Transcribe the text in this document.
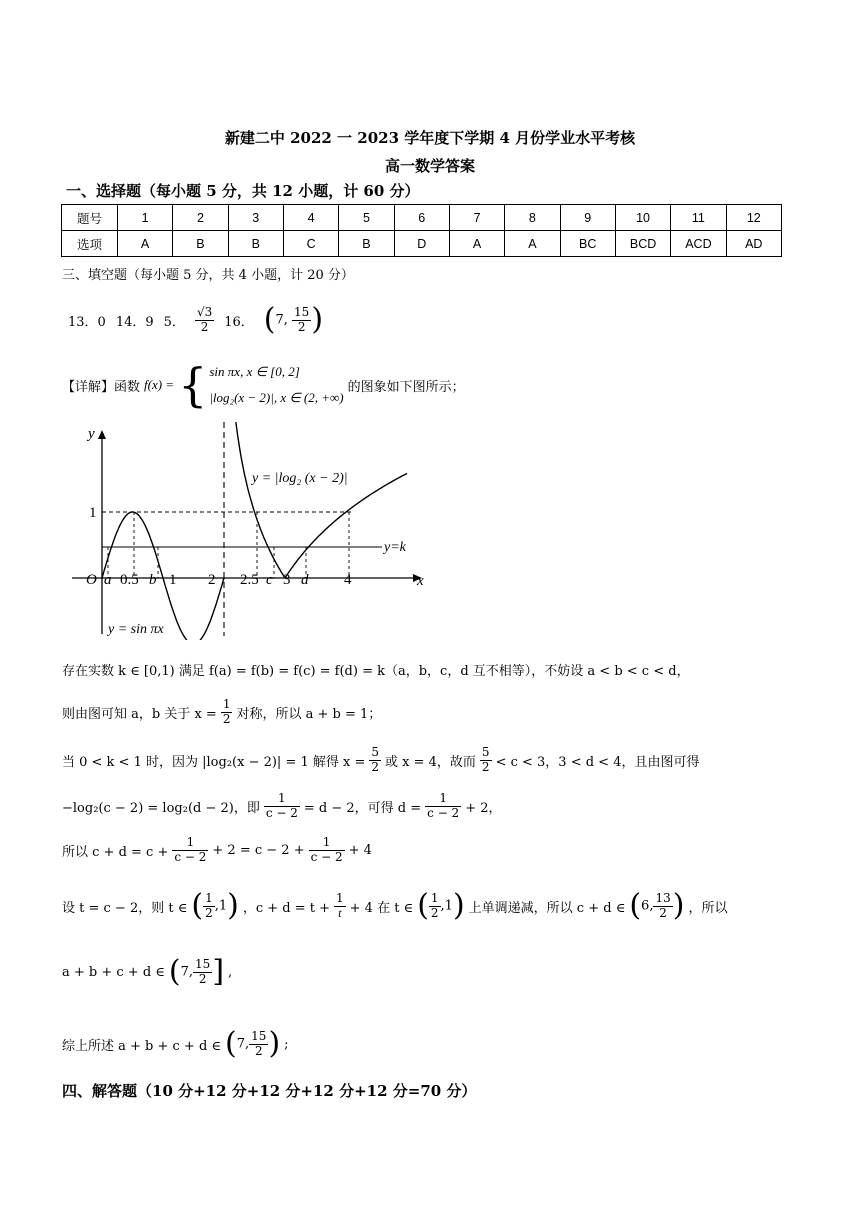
新建二中 2022 一 2023 学年度下学期 4 月份学业水平考核
高一数学答案
一、选择题（每小题 5 分，共 12 小题，计 60 分）
题号	1	2	3	4	5	6	7	8	9	10	11	12
选项	A	B	B	C	B	D	A	A	BC	BCD	ACD	AD
三、填空题（每小题 5 分，共 4 小题，计 20 分）
13．0 14．9 5． $\frac{√3}{2} 16$． (7, $\frac{15}{2}$ )
【详解】函数 f(x) = { sin πx, x ∈ [0, 2]
|log₂(x − 2)|, x ∈ (2, +∞)
的图象如下图所示；
y
x
O
1
a 0.5 b 1 2 2.5 c 3 d 4
y = |log₂ (x − 2)|
y=k
y = sin πx
存在实数 k ∈ [0,1) 满足 f(a) = f(b) = f(c) = f(d) = k（a，b，c，d 互不相等），不妨设 a < b < c < d，
则由图可知 a，b 关于 $x = \frac{1}{2}$ 对称，所以 a + b = 1；
当 0 < k < 1 时，因为 |log₂(x − 2)| = 1 解得 $x = \frac{5}{2}$ 或 x = 4，故而 $\frac{5}{2} < c < 3$，3 < d < 4，且由图可得
−log₂(c − 2) = log₂(d − 2)，即 $\frac{1}{c - 2} = d - 2$，可得 $d = \frac{1}{c - 2} + 2$，
所以 $c + d = c + \frac{1}{c - 2} + 2 = c - 2 + \frac{1}{c - 2} + 4$
设 t = c − 2，则 t ∈ ( $\frac{1}{2} ,1$) ，$c + d = t + \frac{1}{t} + 4$ 在 t ∈ ( $\frac{1}{2} ,1$) 上单调递减，所以 c + d ∈ (6, $\frac{13}{2}$ ) ，所以
a + b + c + d ∈ (7, $\frac{15}{2}$ ] ,
综上所述 a + b + c + d ∈ (7, $\frac{15}{2}$ ) ;
四、解答题（10 分+12 分+12 分+12 分+12 分=70 分）
